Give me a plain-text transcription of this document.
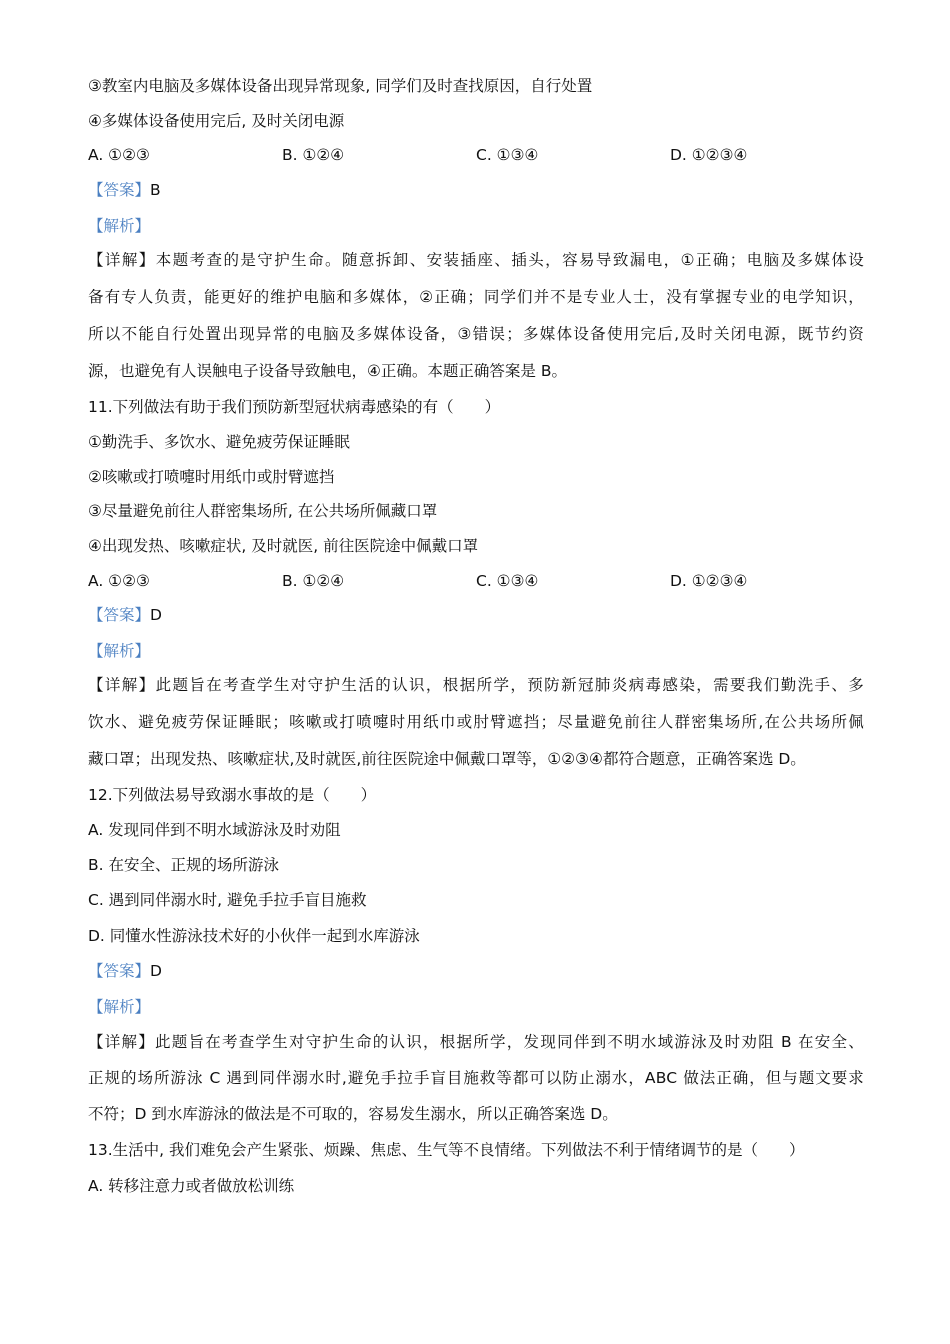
③教室内电脑及多媒体设备出现异常现象, 同学们及时查找原因，自行处置
④多媒体设备使用完后, 及时关闭电源
A. ①②③	B. ①②④	C. ①③④	D. ①②③④
【答案】B
【解析】
【详解】本题考查的是守护生命。随意拆卸、安装插座、插头，容易导致漏电，①正确；电脑及多媒体设
备有专人负责，能更好的维护电脑和多媒体，②正确；同学们并不是专业人士，没有掌握专业的电学知识，
所以不能自行处置出现异常的电脑及多媒体设备，③错误；多媒体设备使用完后,及时关闭电源，既节约资
源，也避免有人误触电子设备导致触电，④正确。本题正确答案是 B。
11.下列做法有助于我们预防新型冠状病毒感染的有（　　）
①勤洗手、多饮水、避免疲劳保证睡眠
②咳嗽或打喷嚏时用纸巾或肘臂遮挡
③尽量避免前往人群密集场所, 在公共场所佩藏口罩
④出现发热、咳嗽症状, 及时就医, 前往医院途中佩戴口罩
A. ①②③	B. ①②④	C. ①③④	D. ①②③④
【答案】D
【解析】
【详解】此题旨在考查学生对守护生活的认识，根据所学，预防新冠肺炎病毒感染，需要我们勤洗手、多
饮水、避免疲劳保证睡眠；咳嗽或打喷嚏时用纸巾或肘臂遮挡；尽量避免前往人群密集场所,在公共场所佩
藏口罩；出现发热、咳嗽症状,及时就医,前往医院途中佩戴口罩等，①②③④都符合题意，正确答案选 D。
12.下列做法易导致溺水事故的是（　　）
A. 发现同伴到不明水域游泳及时劝阻
B. 在安全、正规的场所游泳
C. 遇到同伴溺水时, 避免手拉手盲目施救
D. 同懂水性游泳技术好的小伙伴一起到水库游泳
【答案】D
【解析】
【详解】此题旨在考查学生对守护生命的认识，根据所学，发现同伴到不明水域游泳及时劝阻 B 在安全、
正规的场所游泳 C 遇到同伴溺水时,避免手拉手盲目施救等都可以防止溺水，ABC 做法正确，但与题文要求
不符；D 到水库游泳的做法是不可取的，容易发生溺水，所以正确答案选 D。
13.生活中, 我们难免会产生紧张、烦躁、焦虑、生气等不良情绪。下列做法不利于情绪调节的是（　　）
A. 转移注意力或者做放松训练
